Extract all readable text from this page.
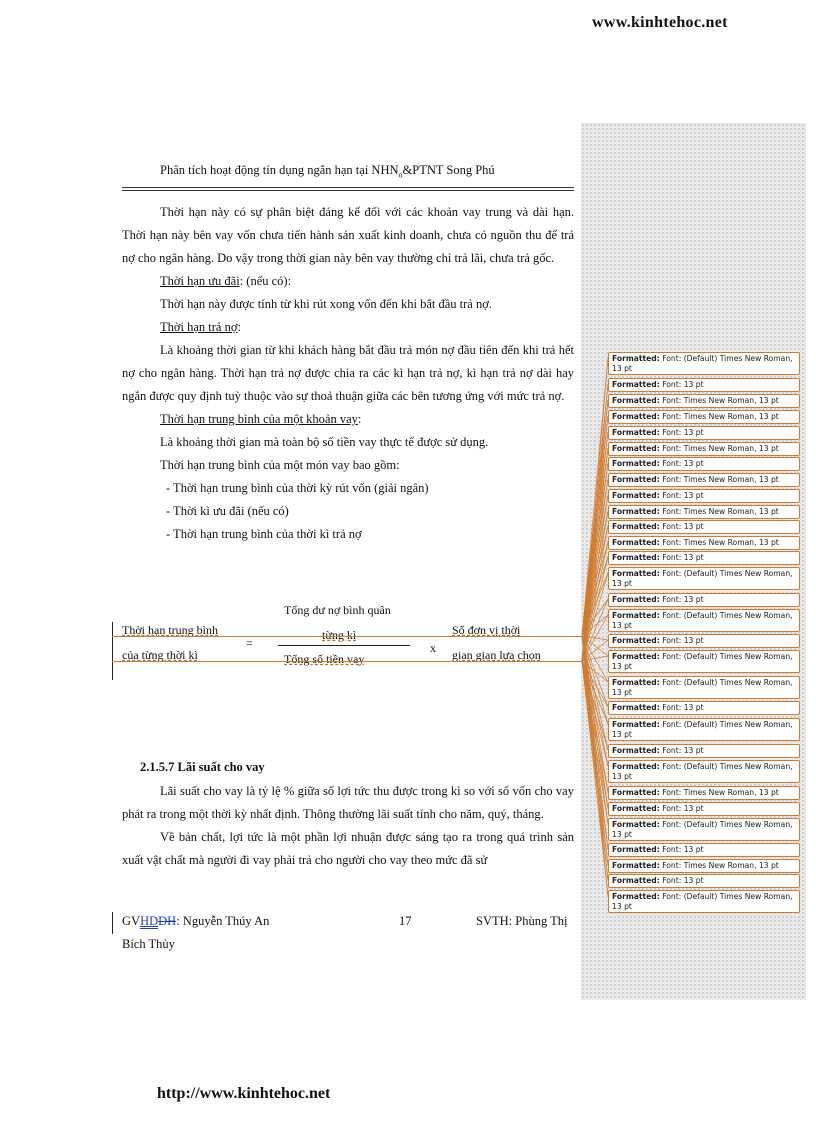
www.kinhtehoc.net
http://www.kinhtehoc.net
Phân tích hoạt động tín dụng ngắn hạn tại $NHN_o\&PTNT$ Song Phú
Thời hạn này có sự phân biệt đáng kể đối với các khoản vay trung và dài hạn. Thời hạn này bên vay vốn chưa tiến hành sản xuất kinh doanh, chưa có nguồn thu để trả nợ cho ngân hàng. Do vậy trong thời gian này bên vay thường chỉ trả lãi, chưa trả gốc.
Thời hạn ưu đãi: (nếu có):
Thời hạn này được tính từ khi rút xong vốn đến khi bắt đầu trả nợ.
Thời hạn trả nợ:
Là khoảng thời gian từ khi khách hàng bắt đầu trả món nợ đầu tiên đến khi trả hết nợ cho ngân hàng. Thời hạn trả nợ được chia ra các kì hạn trả nợ, kì hạn trả nợ dài hay ngắn được quy định tuỳ thuộc vào sự thoả thuận giữa các bên tương ứng với mức trả nợ.
Thời hạn trung bình của một khoản vay:
Là khoảng thời gian mà toàn bộ số tiền vay thực tế được sử dụng.
Thời hạn trung bình của một món vay bao gồm:
- Thời hạn trung bình của thời kỳ rút vốn (giải ngân)
- Thời kì ưu đãi (nếu có)
- Thời hạn trung bình của thời kì trả nợ
Tổng dư nợ bình quân
Thời hạn trung bình	từng kì
=
của từng thời kì	Tổng số tiền vay
x
Số đơn vị thời
gian gian lựa chọn
2.1.5.7 Lãi suất cho vay
Lãi suất cho vay là tỷ lệ % giữa số lợi tức thu được trong kì so với số vốn cho vay phát ra trong một thời kỳ nhất định. Thông thường lãi suất tính cho năm, quý, tháng.
Về bản chất, lợi tức là một phần lợi nhuận được sáng tạo ra trong quá trình sản xuất vật chất mà người đi vay phải trả cho người cho vay theo mức đã sử
GVHDDH: Nguyễn Thúy An	17	SVTH: Phùng Thị
Bích Thủy
Formatted: Font: (Default) Times New Roman, 13 pt
Formatted: Font: 13 pt
Formatted: Font: Times New Roman, 13 pt
Formatted: Font: Times New Roman, 13 pt
Formatted: Font: 13 pt
Formatted: Font: Times New Roman, 13 pt
Formatted: Font: 13 pt
Formatted: Font: Times New Roman, 13 pt
Formatted: Font: 13 pt
Formatted: Font: Times New Roman, 13 pt
Formatted: Font: 13 pt
Formatted: Font: Times New Roman, 13 pt
Formatted: Font: 13 pt
Formatted: Font: (Default) Times New Roman, 13 pt
Formatted: Font: 13 pt
Formatted: Font: (Default) Times New Roman, 13 pt
Formatted: Font: 13 pt
Formatted: Font: (Default) Times New Roman, 13 pt
Formatted: Font: (Default) Times New Roman, 13 pt
Formatted: Font: 13 pt
Formatted: Font: (Default) Times New Roman, 13 pt
Formatted: Font: 13 pt
Formatted: Font: (Default) Times New Roman, 13 pt
Formatted: Font: Times New Roman, 13 pt
Formatted: Font: 13 pt
Formatted: Font: (Default) Times New Roman, 13 pt
Formatted: Font: 13 pt
Formatted: Font: Times New Roman, 13 pt
Formatted: Font: 13 pt
Formatted: Font: (Default) Times New Roman, 13 pt
